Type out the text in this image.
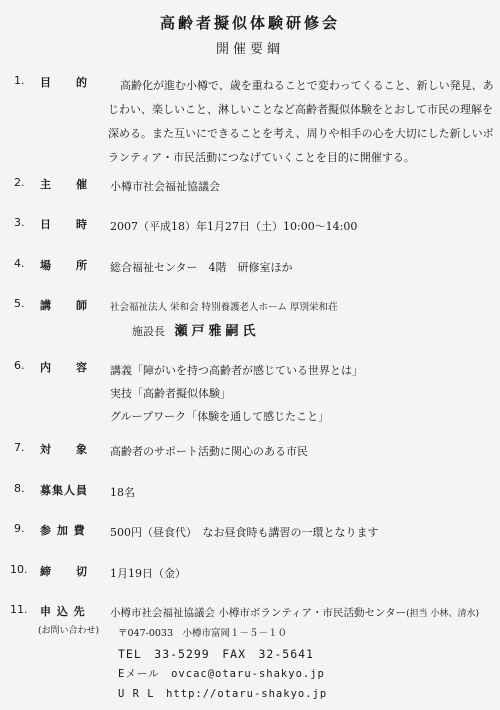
高齢者擬似体験研修会
開催要綱
1.	目　　的	高齢化が進む小樽で、歳を重ねることで変わってくること、新しい発見、あじわい、楽しいこと、淋しいことなど高齢者擬似体験をとおして市民の理解を深める。また互いにできることを考え、周りや相手の心を大切にした新しいボランティア・市民活動につなげていくことを目的に開催する。

2.	主　　催	小樽市社会福祉協議会
3.	日　　時	2007（平成18）年1月27日（土）10:00～14:00
4.	場　　所	総合福祉センター　4階　研修室ほか
5.	講　　師	社会福祉法人 栄和会 特別養護老人ホーム 厚別栄和荘
施設長 瀬戸雅嗣氏
6.	内　　容	講義「障がいを持つ高齢者が感じている世界とは」
実技「高齢者擬似体験」
グループワーク「体験を通して感じたこと」
7.	対　　象	高齢者のサポート活動に関心のある市民
8.	募集人員	18名
9.	参 加 費	500円（昼食代）　なお昼食時も講習の一環となります
10.	締　　切	1月19日（金）
11.	申 込 先
(お問い合わせ)
小樽市社会福祉協議会 小樽市ボランティア・市民活動センター(担当 小林、清水)
〒047-0033　小樽市富岡１－５－１０
TEL　33-5299　FAX　32-5641
Eメール　ovcac@otaru-shakyo.jp
U R L　http://otaru-shakyo.jp
